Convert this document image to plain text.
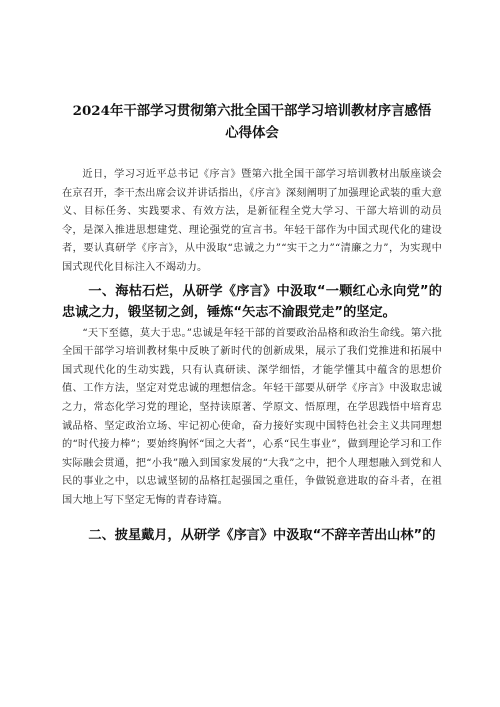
2024年干部学习贯彻第六批全国干部学习培训教材序言感悟
心得体会

近日，学习习近平总书记《序言》暨第六批全国干部学习培训教材出版座谈会在京召开，李干杰出席会议并讲话指出，《序言》深刻阐明了加强理论武装的重大意义、目标任务、实践要求、有效方法，是新征程全党大学习、干部大培训的动员令，是深入推进思想建党、理论强党的宣言书。年轻干部作为中国式现代化的建设者，要认真研学《序言》，从中汲取“忠诚之力”“实干之力”“清廉之力”，为实现中国式现代化目标注入不竭动力。

一、海枯石烂，从研学《序言》中汲取“一颗红心永向党”的忠诚之力，锻坚韧之剑，锤炼“矢志不渝跟党走”的坚定。

“天下至德，莫大于忠。”忠诚是年轻干部的首要政治品格和政治生命线。第六批全国干部学习培训教材集中反映了新时代的创新成果，展示了我们党推进和拓展中国式现代化的生动实践，只有认真研读、深学细悟，才能学懂其中蕴含的思想价值、工作方法，坚定对党忠诚的理想信念。年轻干部要从研学《序言》中汲取忠诚之力，常态化学习党的理论，坚持读原著、学原文、悟原理，在学思践悟中培育忠诚品格、坚定政治立场、牢记初心使命，奋力接好实现中国特色社会主义共同理想的“时代接力棒”；要始终胸怀“国之大者”，心系“民生事业”，做到理论学习和工作实际融会贯通，把“小我”融入到国家发展的“大我”之中，把个人理想融入到党和人民的事业之中，以忠诚坚韧的品格扛起强国之重任，争做锐意进取的奋斗者，在祖国大地上写下坚定无悔的青春诗篇。

二、披星戴月，从研学《序言》中汲取“不辞辛苦出山林”的
